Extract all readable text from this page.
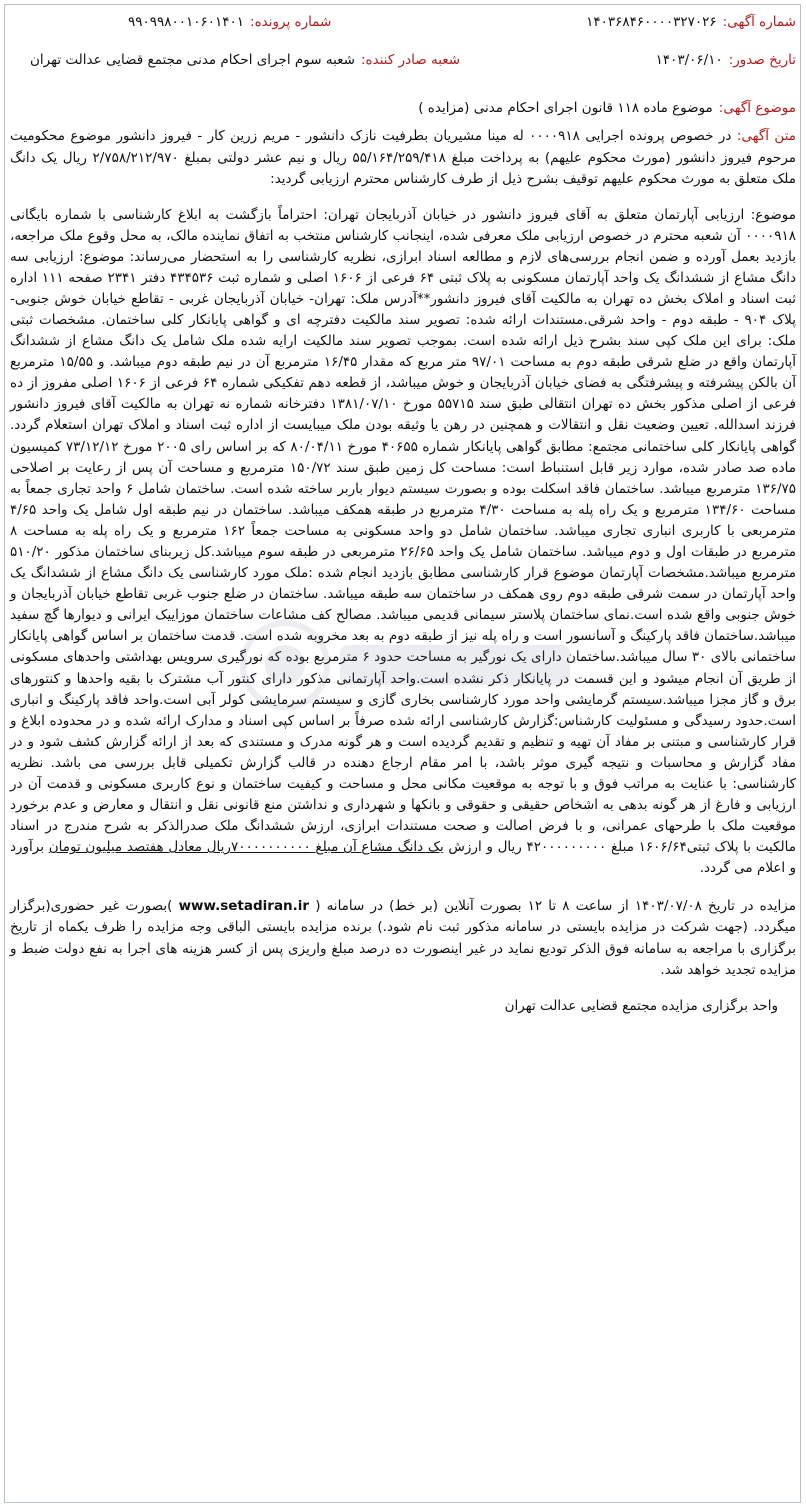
شماره آگهی:
۱۴۰۳۶۸۴۶۰۰۰۰۳۲۷۰۲۶
شماره پرونده:
۹۹۰۹۹۸۰۰۱۰۶۰۱۴۰۱
تاریخ صدور:
۱۴۰۳/۰۶/۱۰
شعبه صادر کننده:
شعبه سوم اجرای احکام مدنی مجتمع قضایی عدالت تهران
موضوع آگهی:
موضوع ماده ۱۱۸ قانون اجرای احکام مدنی (مزایده )
متن آگهی: در خصوص پرونده اجرایی ۰۰۰۰۹۱۸ له مینا مشیریان بطرفیت نازک دانشور - مریم زرین کار - فیروز دانشور موضوع محکومیت مرحوم فیروز دانشور (مورث محکوم علیهم) به پرداخت مبلغ ۵۵/۱۶۴/۲۵۹/۴۱۸ ریال و نیم عشر دولتی بمبلغ ۲/۷۵۸/۲۱۲/۹۷۰ ریال یک دانگ ملک متعلق به مورث محکوم علیهم توقیف بشرح ذیل از طرف کارشناس محترم ارزیابی گردید:
موضوع: ارزیابی آپارتمان متعلق به آقای فیروز دانشور در خیابان آذربایجان تهران: احتراماً بازگشت به ابلاغ کارشناسی با شماره بایگانی ۰۰۰۰۹۱۸ آن شعبه محترم در خصوص ارزیابی ملک معرفی شده، اینجانب کارشناس منتخب به اتفاق نماینده مالک، به محل وقوع ملک مراجعه، بازدید بعمل آورده و ضمن انجام بررسی‌های لازم و مطالعه اسناد ابرازی، نظریه کارشناسی را به استحضار می‌رساند: موضوع: ارزیابی سه دانگ مشاع از ششدانگ یک واحد آپارتمان مسکونی به پلاک ثبتی ۶۴ فرعی از ۱۶۰۶ اصلی و شماره ثبت ۴۳۴۵۳۶ دفتر ۲۳۴۱ صفحه ۱۱۱ اداره ثبت اسناد و املاک بخش ده تهران به مالکیت آقای فیروز دانشور**آدرس ملک: تهران- خیابان آذربایجان غربی - تقاطع خیابان خوش جنوبی-پلاک ۹۰۴ - طبقه دوم - واحد شرقی.مستندات ارائه شده: تصویر سند مالکیت دفترچه ای و گواهی پایانکار کلی ساختمان. مشخصات ثبتی ملک: برای این ملک کپی سند بشرح ذیل ارائه شده است. بموجب تصویر سند مالکیت ارایه شده ملک شامل یک دانگ مشاع از ششدانگ آپارتمان واقع در ضلع شرقی طبقه دوم به مساحت ۹۷/۰۱ متر مربع که مقدار ۱۶/۴۵ مترمربع آن در نیم طبقه دوم میباشد. و ۱۵/۵۵ مترمربع آن بالکن پیشرفته و پیشرفتگی به فضای خیابان آذربایجان و خوش میباشد، از قطعه دهم تفکیکی شماره ۶۴ فرعی از ۱۶۰۶ اصلی مفروز از ده فرعی از اصلی مذکور بخش ده تهران انتقالی طبق سند ۵۵۷۱۵ مورخ ۱۳۸۱/۰۷/۱۰ دفترخانه شماره نه تهران به مالکیت آقای فیروز دانشور فرزند اسدالله. تعیین وضعیت نقل و انتقالات و همچنین در رهن یا وثیقه بودن ملک میبایست از اداره ثبت اسناد و املاک تهران استعلام گردد. گواهی پایانکار کلی ساختمانی مجتمع: مطابق گواهی پایانکار شماره ۴۰۶۵۵ مورخ ۸۰/۰۴/۱۱ که بر اساس رای ۲۰۰۵ مورخ ۷۳/۱۲/۱۲ کمیسیون ماده صد صادر شده، موارد زیر قابل استنباط است: مساحت کل زمین طبق سند ۱۵۰/۷۲ مترمربع و مساحت آن پس از رعایت بر اصلاحی ۱۳۶/۷۵ مترمربع میباشد. ساختمان فاقد اسکلت بوده و بصورت سیستم دیوار باربر ساخته شده است. ساختمان شامل ۶ واحد تجاری جمعاً به مساحت ۱۳۴/۶۰ مترمربع و یک راه پله به مساحت ۴/۳۰ مترمربع در طبقه همکف میباشد. ساختمان در نیم طبقه اول شامل یک واحد ۴/۶۵ مترمربعی با کاربری انباری تجاری میباشد. ساختمان شامل دو واحد مسکونی به مساحت جمعاً ۱۶۲ مترمربع و یک راه پله به مساحت ۸ مترمربع در طبقات اول و دوم میباشد. ساختمان شامل یک واحد ۲۶/۶۵ مترمربعی در طبقه سوم میباشد.کل زیربنای ساختمان مذکور ۵۱۰/۲۰ مترمربع میباشد.مشخصات آپارتمان موضوع قرار کارشناسی مطابق بازدید انجام شده :ملک مورد کارشناسی یک دانگ مشاع از ششدانگ یک واحد آپارتمان در سمت شرقی طبقه دوم روی همکف در ساختمان سه طبقه میباشد. ساختمان در ضلع جنوب غربی تقاطع خیابان آذربایجان و خوش جنوبی واقع شده است.نمای ساختمان پلاستر سیمانی قدیمی میباشد. مصالح کف مشاعات ساختمان موزاییک ایرانی و دیوارها گچ سفید میباشد.ساختمان فاقد پارکینگ و آسانسور است و راه پله نیز از طبقه دوم به بعد مخروبه شده است. قدمت ساختمان بر اساس گواهی پایانکار ساختمانی بالای ۳۰ سال میباشد.ساختمان دارای یک نورگیر به مساحت حدود ۶ مترمربع بوده که نورگیری سرویس بهداشتی واحدهای مسکونی از طریق آن انجام میشود و این قسمت در پایانکار ذکر نشده است.واحد آپارتمانی مذکور دارای کنتور آب مشترک با بقیه واحدها و کنتورهای برق و گاز مجزا میباشد.سیستم گرمایشی واحد مورد کارشناسی بخاری گازی و سیستم سرمایشی کولر آبی است.واحد فاقد پارکینگ و انباری است.حدود رسیدگی و مسئولیت کارشناس:گزارش کارشناسی ارائه شده صرفاً بر اساس کپی اسناد و مدارک ارائه شده و در محدوده ابلاغ و قرار کارشناسی و مبتنی بر مفاد آن تهیه و تنظیم و تقدیم گردیده است و هر گونه مدرک و مستندی که بعد از ارائه گزارش کشف شود و در مفاد گزارش و محاسبات و نتیجه گیری موثر باشد، با امر مقام ارجاع دهنده در قالب گزارش تکمیلی قابل بررسی می باشد. نظریه کارشناسی: با عنایت به مراتب فوق و با توجه به موقعیت مکانی محل و مساحت و کیفیت ساختمان و نوع کاربری مسکونی و قدمت آن در ارزیابی و فارغ از هر گونه بدهی به اشخاص حقیقی و حقوقی و بانکها و شهرداری و نداشتن منع قانونی نقل و انتقال و معارض و عدم برخورد موقعیت ملک با طرحهای عمرانی، و با فرض اصالت و صحت مستندات ابرازی، ارزش ششدانگ ملک صدرالذکر به شرح مندرج در اسناد مالکیت با پلاک ثبتی۱۶۰۶/۶۴ مبلغ ۴۲۰۰۰۰۰۰۰۰۰ ریال و ارزش یک دانگ مشاع آن مبلغ ۷۰۰۰۰۰۰۰۰۰۰ریال معادل هفتصد میلیون تومان برآورد و اعلام می گردد.
مزایده در تاریخ ۱۴۰۳/۰۷/۰۸ از ساعت ۸ تا ۱۲ بصورت آنلاین (بر خط) در سامانه ( www.setadiran.ir )بصورت غیر حضوری(برگزار میگردد. (جهت شرکت در مزایده بایستی در سامانه مذکور ثبت نام شود.) برنده مزایده بایستی الباقی وجه مزایده را ظرف یکماه از تاریخ برگزاری با مراجعه به سامانه فوق الذکر تودیع نماید در غیر اینصورت ده درصد مبلغ واریزی پس از کسر هزینه های اجرا به نفع دولت ضبط و مزایده تجدید خواهد شد.
واحد برگزاری مزایده مجتمع قضایی عدالت تهران
